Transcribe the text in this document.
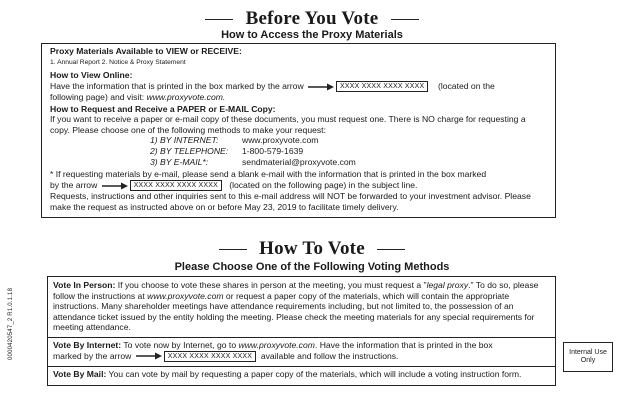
Before You Vote
How to Access the Proxy Materials

Proxy Materials Available to VIEW or RECEIVE:

1. Annual Report 2. Notice & Proxy Statement

How to View Online:

Have the information that is printed in the box marked by the arrow	XXXX XXXX XXXX XXXX (located on the

following page) and visit: www.proxyvote.com.

How to Request and Receive a PAPER or E-MAIL Copy:

If you want to receive a paper or e-mail copy of these documents, you must request one. There is NO charge for requesting a copy. Please choose one of the following methods to make your request:

1) BY INTERNET:	www.proxyvote.com

2) BY TELEPHONE: 1-800-579-1639

3) BY E-MAIL*:	sendmaterial@proxyvote.com

* If requesting materials by e-mail, please send a blank e-mail with the information that is printed in the box marked

by the arrow	XXXX XXXX XXXX XXXX (located on the following page) in the subject line.

Requests, instructions and other inquiries sent to this e-mail address will NOT be forwarded to your investment advisor. Please make the request as instructed above on or before May 23, 2019 to facilitate timely delivery.

How To Vote
Please Choose One of the Following Voting Methods

Vote In Person: If you choose to vote these shares in person at the meeting, you must request a "legal proxy." To do so, please follow the instructions at www.proxyvote.com or request a paper copy of the materials, which will contain the appropriate instructions. Many shareholder meetings have attendance requirements including, but not limited to, the possession of an attendance ticket issued by the entity holding the meeting. Please check the meeting materials for any special requirements for meeting attendance.

Vote By Internet: To vote now by Internet, go to www.proxyvote.com. Have the information that is printed in the box

marked by the arrow	XXXX XXXX XXXX XXXX available and follow the instructions.

Vote By Mail: You can vote by mail by requesting a paper copy of the materials, which will include a voting instruction form.

0000420547_2 R1.0.1.18	Internal Use Only
